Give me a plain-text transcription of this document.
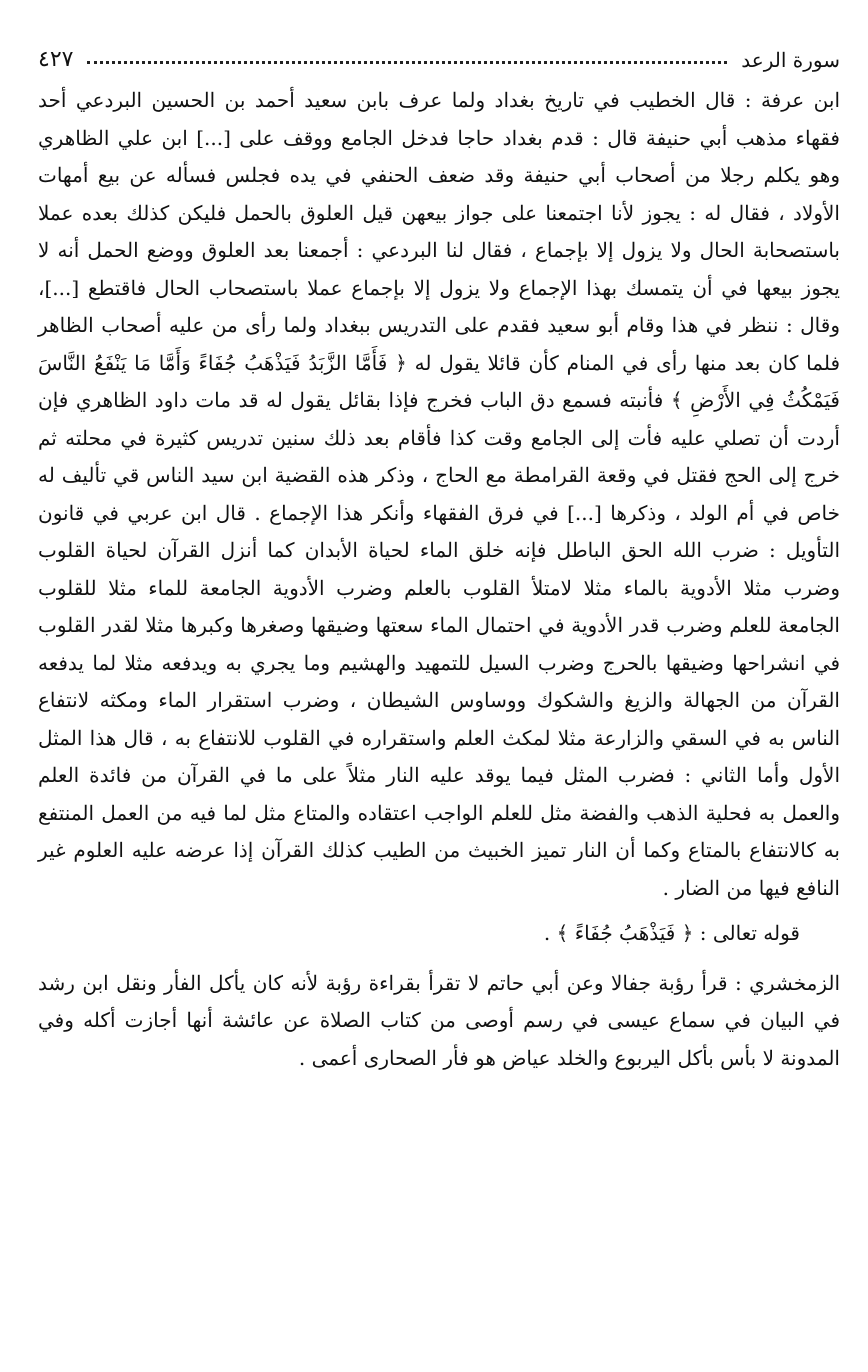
سورة الرعد
٤٢٧

ابن عرفة : قال الخطيب في تاريخ بغداد ولما عرف بابن سعيد أحمد بن الحسين البردعي أحد فقهاء مذهب أبي حنيفة قال : قدم بغداد حاجا فدخل الجامع ووقف على [...] ابن علي الظاهري وهو يكلم رجلا من أصحاب أبي حنيفة وقد ضعف الحنفي في يده فجلس فسأله عن بيع أمهات الأولاد ، فقال له : يجوز لأنا اجتمعنا على جواز بيعهن قيل العلوق بالحمل فليكن كذلك بعده عملا باستصحابة الحال ولا يزول إلا بإجماع ، فقال لنا البردعي : أجمعنا بعد العلوق ووضع الحمل أنه لا يجوز بيعها في أن يتمسك بهذا الإجماع ولا يزول إلا بإجماع عملا باستصحاب الحال فاقتطع [...]، وقال : ننظر في هذا وقام أبو سعيد فقدم على التدريس ببغداد ولما رأى من عليه أصحاب الظاهر فلما كان بعد منها رأى في المنام كأن قائلا يقول له ﴿ فَأَمَّا الزَّبَدُ فَيَذْهَبُ جُفَاءً وَأَمَّا مَا يَنْفَعُ النَّاسَ فَيَمْكُثُ فِي الأَرْضِ ﴾ فأنبته فسمع دق الباب فخرج فإذا بقائل يقول له قد مات داود الظاهري فإن أردت أن تصلي عليه فأت إلى الجامع وقت كذا فأقام بعد ذلك سنين تدريس كثيرة في محلته ثم خرج إلى الحج فقتل في وقعة القرامطة مع الحاج ، وذكر هذه القضية ابن سيد الناس قي تأليف له خاص في أم الولد ، وذكرها [...] في فرق الفقهاء وأنكر هذا الإجماع . قال ابن عربي في قانون التأويل : ضرب الله الحق الباطل فإنه خلق الماء لحياة الأبدان كما أنزل القرآن لحياة القلوب وضرب مثلا الأدوية بالماء مثلا لامتلأ القلوب بالعلم وضرب الأدوية الجامعة للماء مثلا للقلوب الجامعة للعلم وضرب قدر الأدوية في احتمال الماء سعتها وضيقها وصغرها وكبرها مثلا لقدر القلوب في انشراحها وضيقها بالحرج وضرب السيل للتمهيد والهشيم وما يجري به ويدفعه مثلا لما يدفعه القرآن من الجهالة والزيغ والشكوك ووساوس الشيطان ، وضرب استقرار الماء ومكثه لانتفاع الناس به في السقي والزارعة مثلا لمكث العلم واستقراره في القلوب للانتفاع به ، قال هذا المثل الأول وأما الثاني : فضرب المثل فيما يوقد عليه النار مثلاً على ما في القرآن من فائدة العلم والعمل به فحلية الذهب والفضة مثل للعلم الواجب اعتقاده والمتاع مثل لما فيه من العمل المنتفع به كالانتفاع بالمتاع وكما أن النار تميز الخبيث من الطيب كذلك القرآن إذا عرضه عليه العلوم غير النافع فيها من الضار .

قوله تعالى : ﴿ فَيَذْهَبُ جُفَاءً ﴾ .

الزمخشري : قرأ رؤبة جفالا وعن أبي حاتم لا تقرأ بقراءة رؤبة لأنه كان يأكل الفأر ونقل ابن رشد في البيان في سماع عيسى في رسم أوصى من كتاب الصلاة عن عائشة أنها أجازت أكله وفي المدونة لا بأس بأكل اليربوع والخلد عياض هو فأر الصحارى أعمى .
